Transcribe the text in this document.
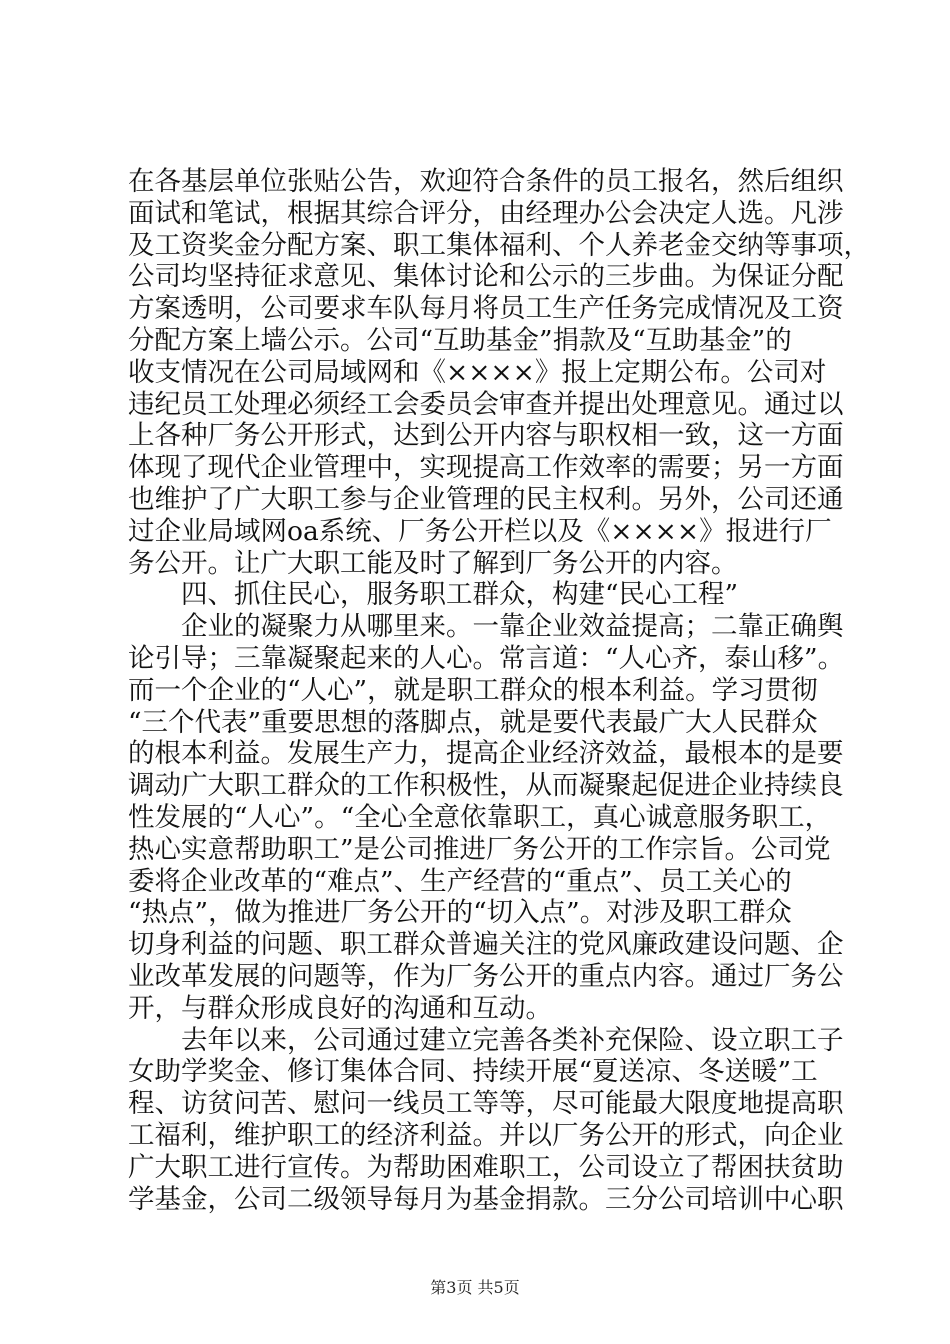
在各基层单位张贴公告，欢迎符合条件的员工报名，然后组织
面试和笔试，根据其综合评分，由经理办公会决定人选。凡涉
及工资奖金分配方案、职工集体福利、个人养老金交纳等事项，
公司均坚持征求意见、集体讨论和公示的三步曲。为保证分配
方案透明，公司要求车队每月将员工生产任务完成情况及工资
分配方案上墙公示。公司“互助基金”捐款及“互助基金”的
收支情况在公司局域网和《××××》报上定期公布。公司对
违纪员工处理必须经工会委员会审查并提出处理意见。通过以
上各种厂务公开形式，达到公开内容与职权相一致，这一方面
体现了现代企业管理中，实现提高工作效率的需要；另一方面
也维护了广大职工参与企业管理的民主权利。另外，公司还通
过企业局域网oa系统、厂务公开栏以及《××××》报进行厂
务公开。让广大职工能及时了解到厂务公开的内容。
　　四、抓住民心，服务职工群众，构建“民心工程”
　　企业的凝聚力从哪里来。一靠企业效益提高；二靠正确舆
论引导；三靠凝聚起来的人心。常言道：“人心齐，泰山移”。
而一个企业的“人心”，就是职工群众的根本利益。学习贯彻
“三个代表”重要思想的落脚点，就是要代表最广大人民群众
的根本利益。发展生产力，提高企业经济效益，最根本的是要
调动广大职工群众的工作积极性，从而凝聚起促进企业持续良
性发展的“人心”。“全心全意依靠职工，真心诚意服务职工，
热心实意帮助职工”是公司推进厂务公开的工作宗旨。公司党
委将企业改革的“难点”、生产经营的“重点”、员工关心的
“热点”，做为推进厂务公开的“切入点”。对涉及职工群众
切身利益的问题、职工群众普遍关注的党风廉政建设问题、企
业改革发展的问题等，作为厂务公开的重点内容。通过厂务公
开，与群众形成良好的沟通和互动。
　　去年以来，公司通过建立完善各类补充保险、设立职工子
女助学奖金、修订集体合同、持续开展“夏送凉、冬送暖”工
程、访贫问苦、慰问一线员工等等，尽可能最大限度地提高职
工福利，维护职工的经济利益。并以厂务公开的形式，向企业
广大职工进行宣传。为帮助困难职工，公司设立了帮困扶贫助
学基金，公司二级领导每月为基金捐款。三分公司培训中心职
第3页 共5页
